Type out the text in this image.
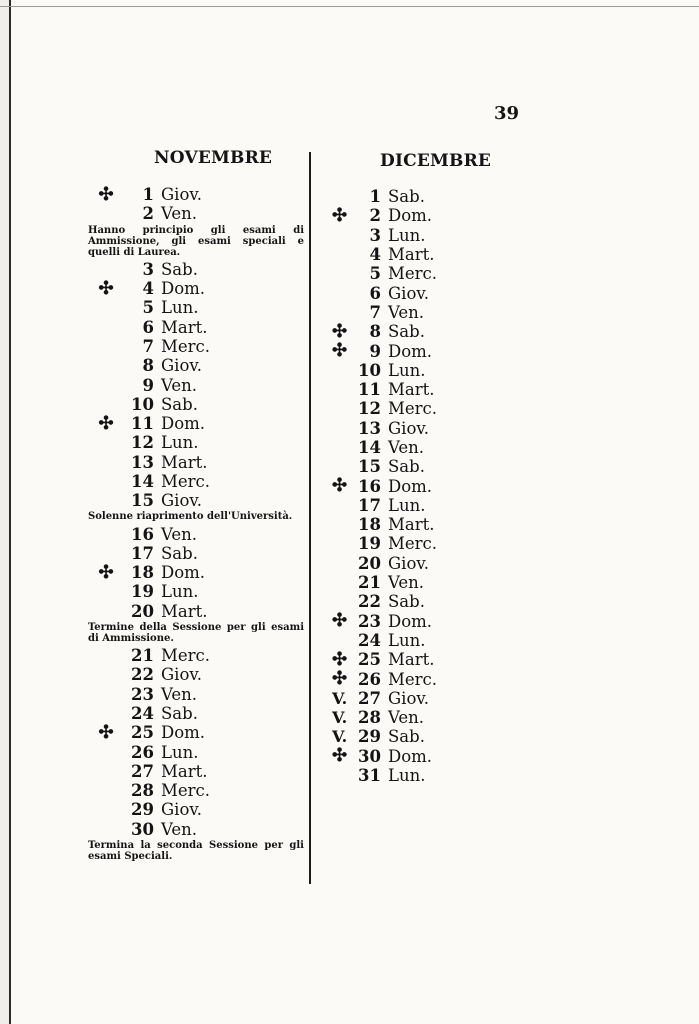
39
NOVEMBRE	DICEMBRE
✣	1 Giov.
2 Ven.
Hanno principio gli esami di Ammissione, gli esami speciali e quelli di Laurea.
3 Sab.
✣	4 Dom.
5 Lun.
6 Mart.
7 Merc.
8 Giov.
9 Ven.
10 Sab.
✣	11 Dom.
12 Lun.
13 Mart.
14 Merc.
15 Giov.
Solenne riaprimento dell'Università.
16 Ven.
17 Sab.
✣	18 Dom.
19 Lun.
20 Mart.
Termine della Sessione per gli esami di Ammissione.
21 Merc.
22 Giov.
23 Ven.
24 Sab.
✣	25 Dom.
26 Lun.
27 Mart.
28 Merc.
29 Giov.
30 Ven.
Termina la seconda Sessione per gli esami Speciali.
1 Sab.
✣	2 Dom.
3 Lun.
4 Mart.
5 Merc.
6 Giov.
7 Ven.
✣	8 Sab.
✣	9 Dom.
10 Lun.
11 Mart.
12 Merc.
13 Giov.
14 Ven.
15 Sab.
✣ 16 Dom.
17 Lun.
18 Mart.
19 Merc.
20 Giov.
21 Ven.
22 Sab.
✣ 23 Dom.
24 Lun.
✣ 25 Mart.
✣ 26 Merc.
V. 27 Giov.
V. 28 Ven.
V. 29 Sab.
✣ 30 Dom.
31 Lun.
